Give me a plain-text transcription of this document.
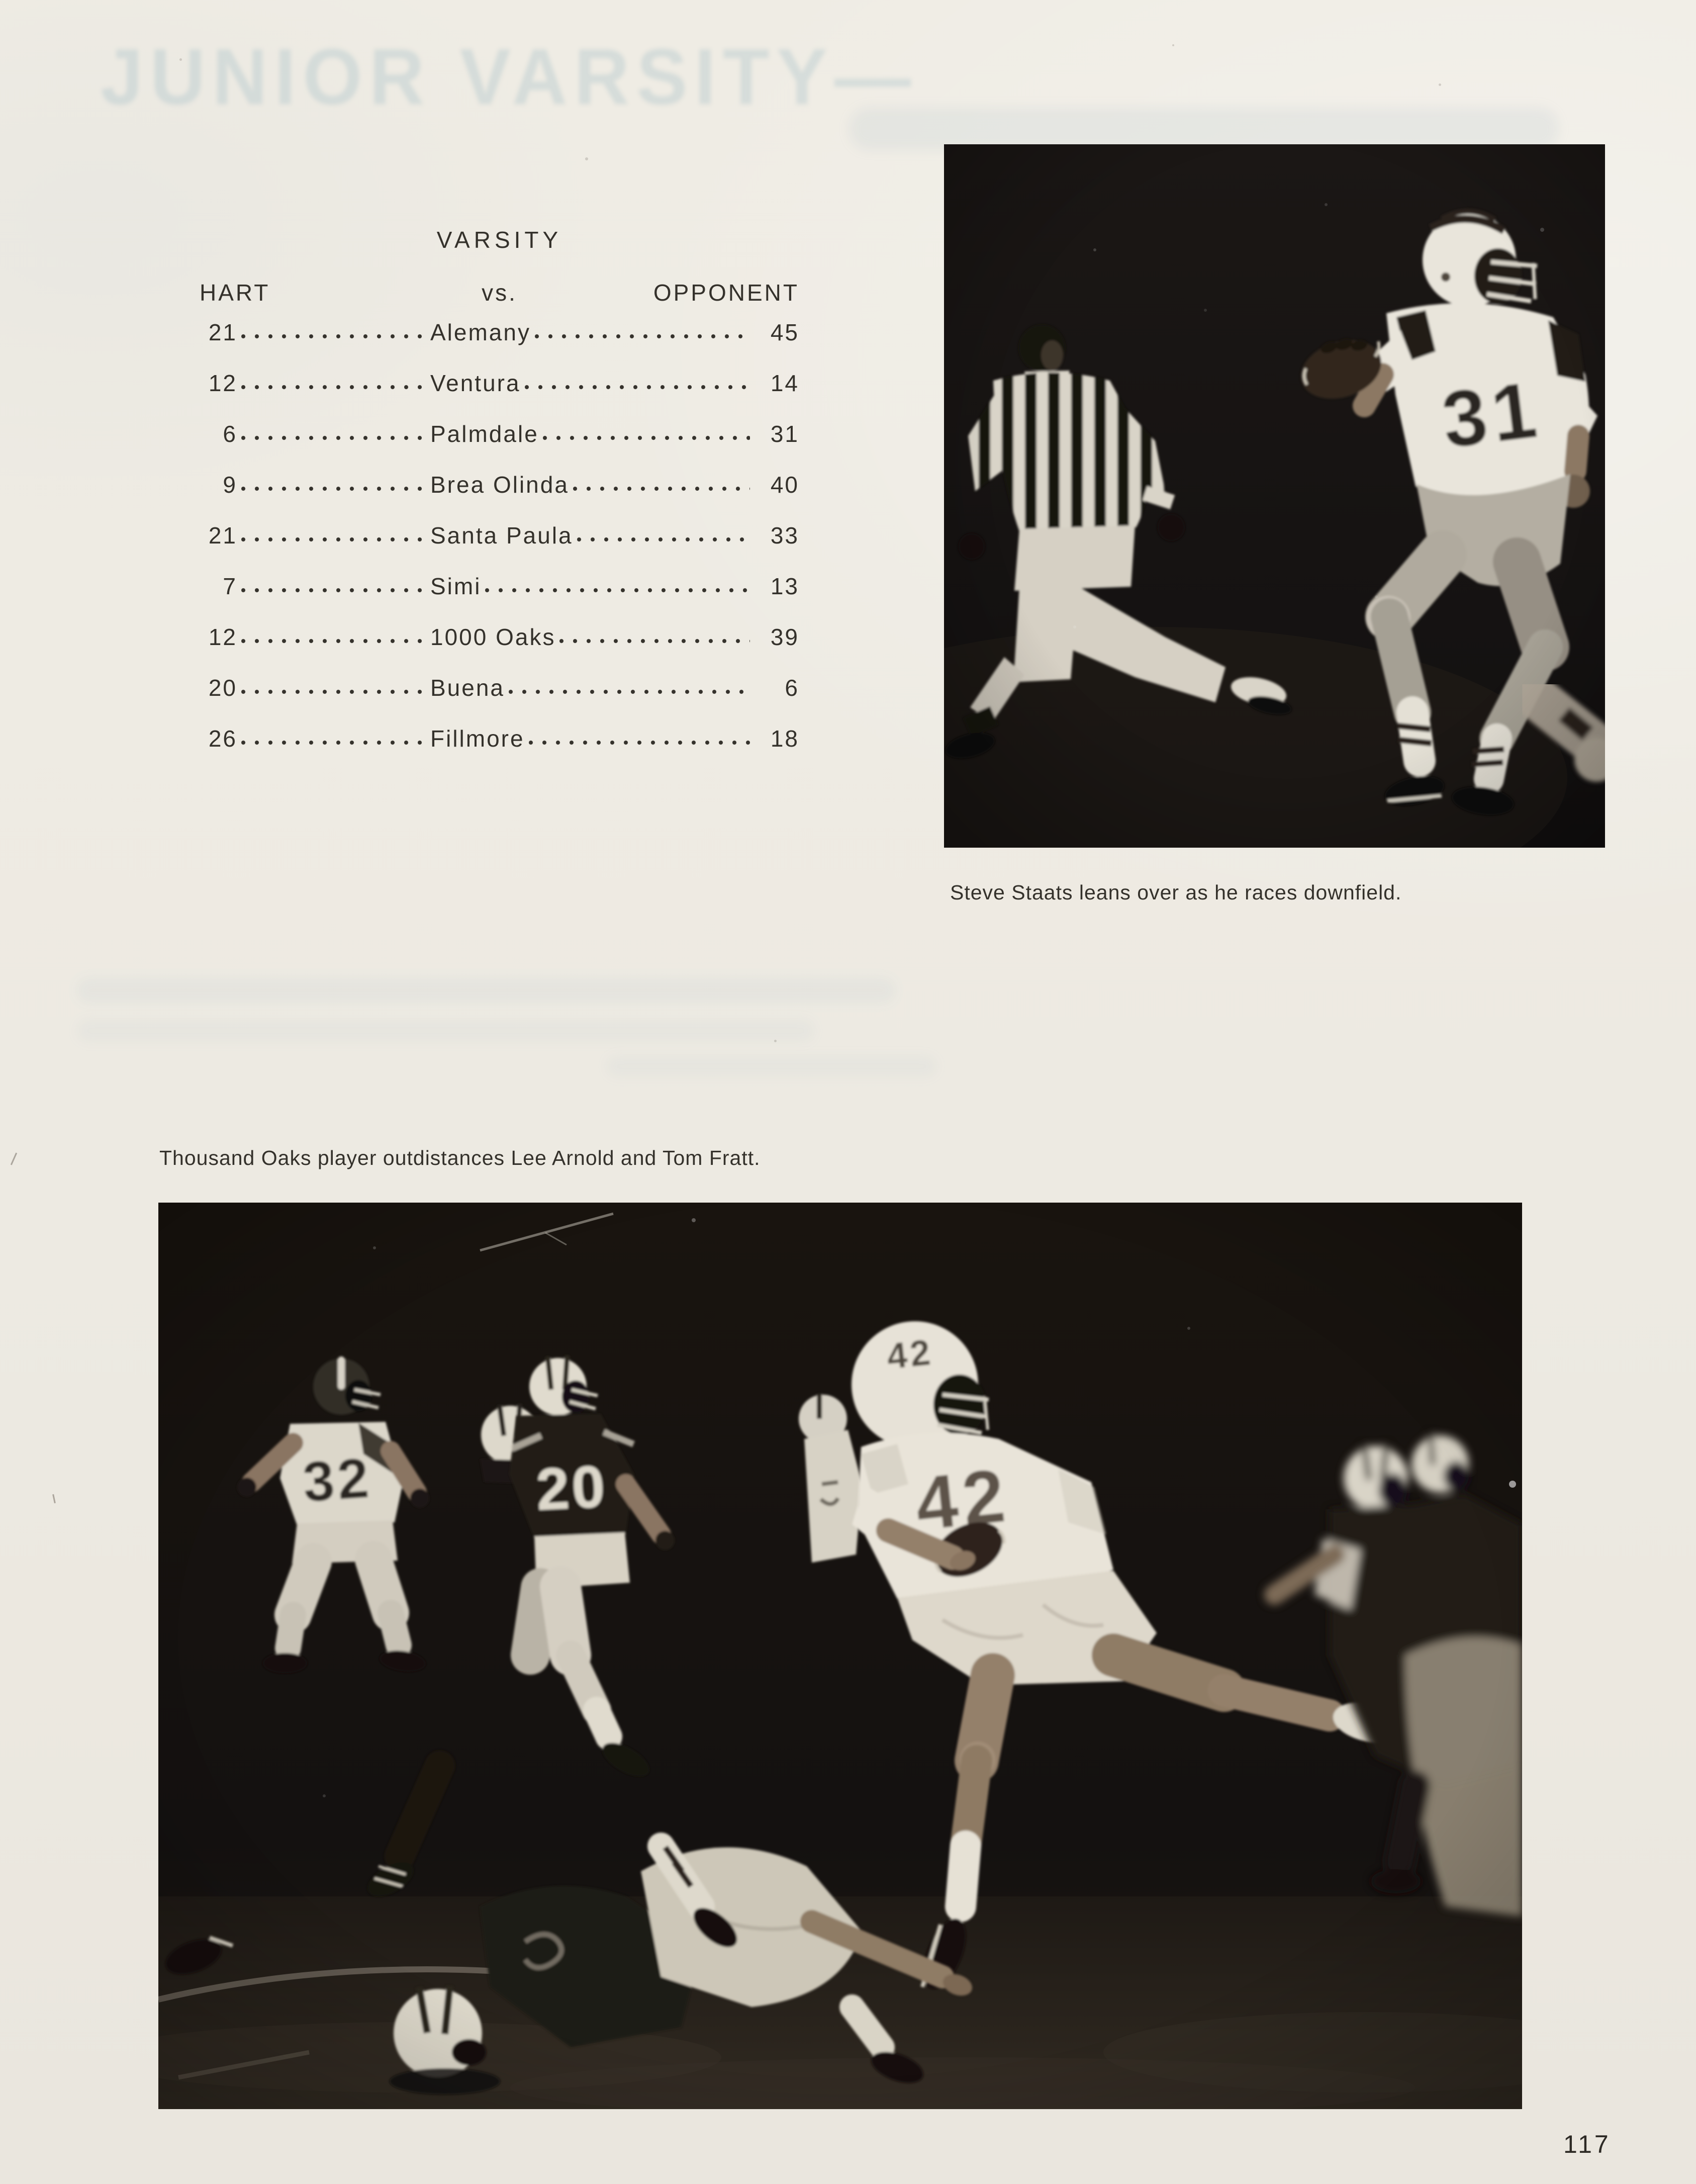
JUNIOR VARSITY—
VARSITY
HART	vs.	OPPONENT
21	Alemany	45
12	Ventura	14
6	Palmdale	31
9	Brea Olinda	40
21	Santa Paula	33
7	Simi	13
12	1000 Oaks	39
20	Buena	6
26	Fillmore	18
Steve Staats leans over as he races downfield.
Thousand Oaks player outdistances Lee Arnold and Tom Fratt.
117
